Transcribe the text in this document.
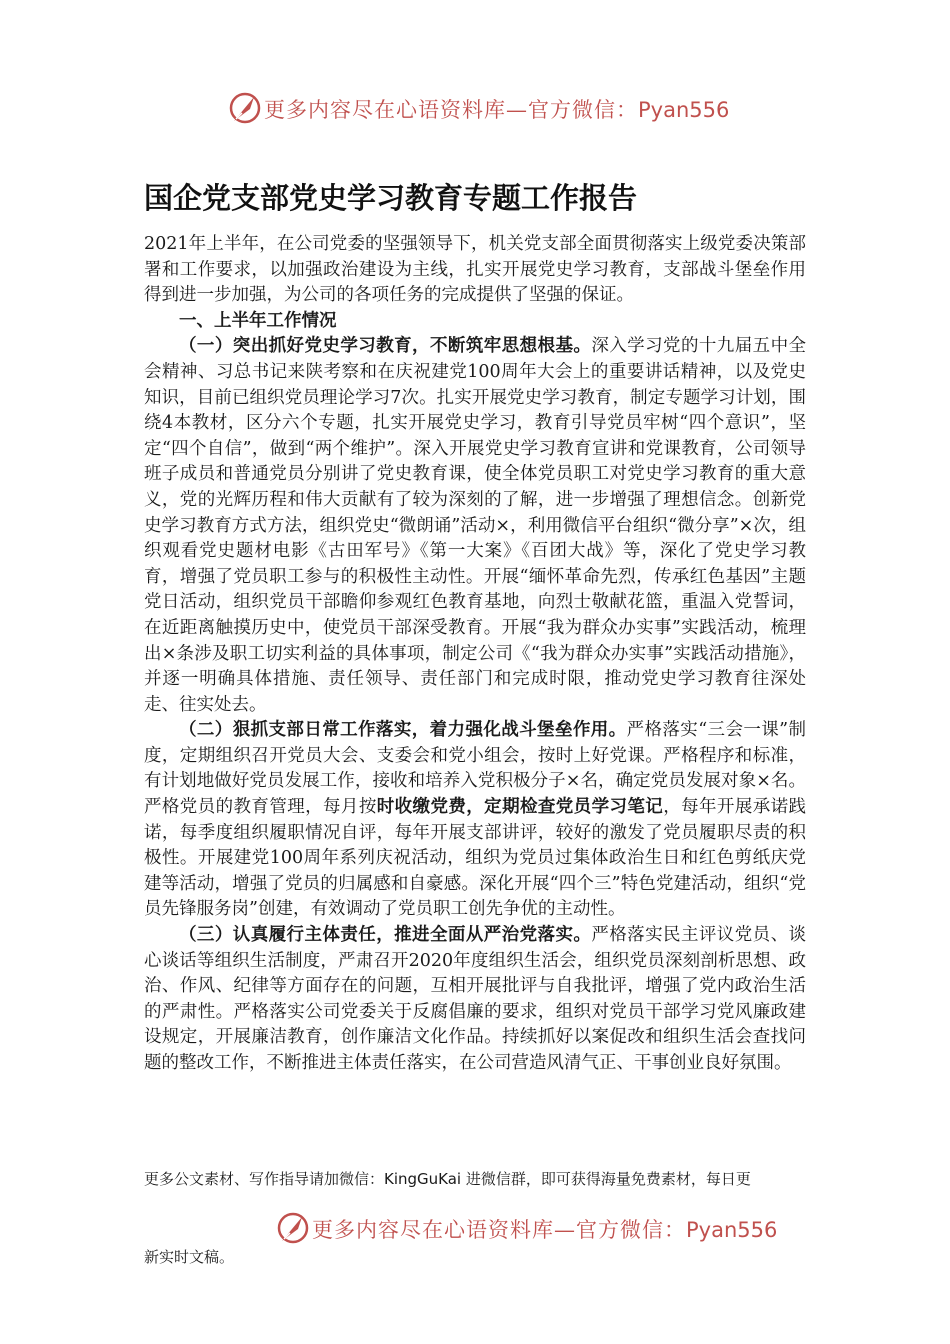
更多内容尽在心语资料库—官方微信：Pyan556
国企党支部党史学习教育专题工作报告

2021年上半年，在公司党委的坚强领导下，机关党支部全面贯彻落实上级党委决策部署和工作要求，以加强政治建设为主线，扎实开展党史学习教育，支部战斗堡垒作用得到进一步加强，为公司的各项任务的完成提供了坚强的保证。

一、上半年工作情况

（一）突出抓好党史学习教育，不断筑牢思想根基。深入学习党的十九届五中全会精神、习总书记来陕考察和在庆祝建党100周年大会上的重要讲话精神，以及党史知识，目前已组织党员理论学习7次。扎实开展党史学习教育，制定专题学习计划，围绕4本教材，区分六个专题，扎实开展党史学习，教育引导党员牢树“四个意识”，坚定“四个自信”，做到“两个维护”。深入开展党史学习教育宣讲和党课教育，公司领导班子成员和普通党员分别讲了党史教育课，使全体党员职工对党史学习教育的重大意义，党的光辉历程和伟大贡献有了较为深刻的了解，进一步增强了理想信念。创新党史学习教育方式方法，组织党史“微朗诵”活动×，利用微信平台组织“微分享”×次，组织观看党史题材电影《古田军号》《第一大案》《百团大战》等，深化了党史学习教育，增强了党员职工参与的积极性主动性。开展“缅怀革命先烈，传承红色基因”主题党日活动，组织党员干部瞻仰参观红色教育基地，向烈士敬献花篮，重温入党誓词，在近距离触摸历史中，使党员干部深受教育。开展“我为群众办实事”实践活动，梳理出×条涉及职工切实利益的具体事项，制定公司《“我为群众办实事”实践活动措施》，并逐一明确具体措施、责任领导、责任部门和完成时限，推动党史学习教育往深处走、往实处去。

（二）狠抓支部日常工作落实，着力强化战斗堡垒作用。严格落实“三会一课”制度，定期组织召开党员大会、支委会和党小组会，按时上好党课。严格程序和标准，有计划地做好党员发展工作，接收和培养入党积极分子×名，确定党员发展对象×名。严格党员的教育管理，每月按时收缴党费，定期检查党员学习笔记，每年开展承诺践诺，每季度组织履职情况自评，每年开展支部讲评，较好的激发了党员履职尽责的积极性。开展建党100周年系列庆祝活动，组织为党员过集体政治生日和红色剪纸庆党建等活动，增强了党员的归属感和自豪感。深化开展“四个三”特色党建活动，组织“党员先锋服务岗”创建，有效调动了党员职工创先争优的主动性。

（三）认真履行主体责任，推进全面从严治党落实。严格落实民主评议党员、谈心谈话等组织生活制度，严肃召开2020年度组织生活会，组织党员深刻剖析思想、政治、作风、纪律等方面存在的问题，互相开展批评与自我批评，增强了党内政治生活的严肃性。严格落实公司党委关于反腐倡廉的要求，组织对党员干部学习党风廉政建设规定，开展廉洁教育，创作廉洁文化作品。持续抓好以案促改和组织生活会查找问题的整改工作，不断推进主体责任落实，在公司营造风清气正、干事创业良好氛围。

更多公文素材、写作指导请加微信：KingGuKai 进微信群，即可获得海量免费素材，每日更
更多内容尽在心语资料库—官方微信：Pyan556
新实时文稿。
